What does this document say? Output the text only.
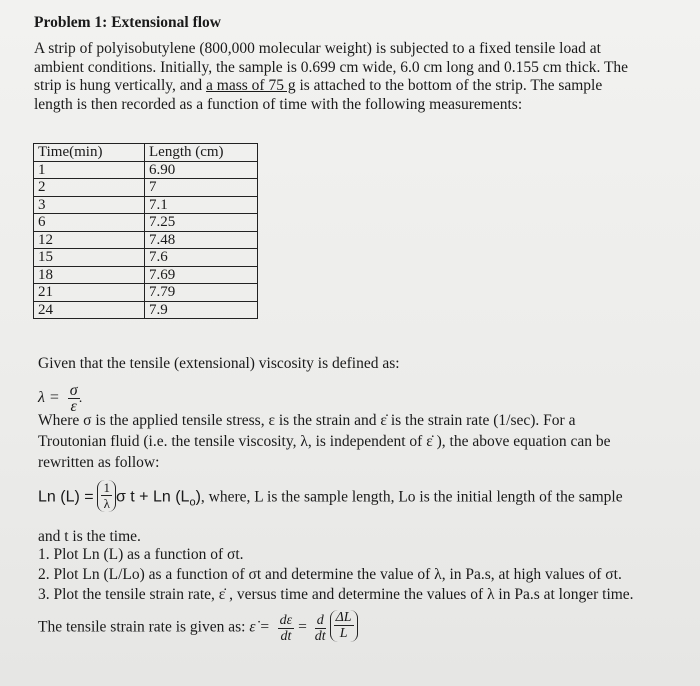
Problem 1: Extensional flow
A strip of polyisobutylene (800,000 molecular weight) is subjected to a fixed tensile load at
ambient conditions. Initially, the sample is 0.699 cm wide, 6.0 cm long and 0.155 cm thick. The
strip is hung vertically, and a mass of 75 g is attached to the bottom of the strip. The sample
length is then recorded as a function of time with the following measurements:
Time(min)	Length (cm)
1	6.90
2	7
3	7.1
6	7.25
12	7.48
15	7.6
18	7.69
21	7.79
24	7.9
Given that the tensile (extensional) viscosity is defined as:
$\lambda = \frac{\sigma}{\varepsiloṅ}$
Where σ is the applied tensile stress, ε is the strain and ε̇ is the strain rate (1/sec). For a
Troutonian fluid (i.e. the tensile viscosity, λ, is independent of ε̇ ), the above equation can be
rewritten as follow:
Ln $(L) = \frac{1}{\lambda}$ σ t + Ln $(L_o)$, where, L is the sample length, Lo is the initial length of the sample
and t is the time.
1. Plot Ln (L) as a function of σt.
2. Plot Ln (L/Lo) as a function of σt and determine the value of λ, in Pa.s, at high values of σt.
3. Plot the tensile strain rate, ε̇ , versus time and determine the values of λ in Pa.s at longer time.
The tensile strain rate is given as: ε̇ = $\frac{d\varepsilon}{dt} = \frac{d}{dt}$
$\frac{\Delta L}{L}$
